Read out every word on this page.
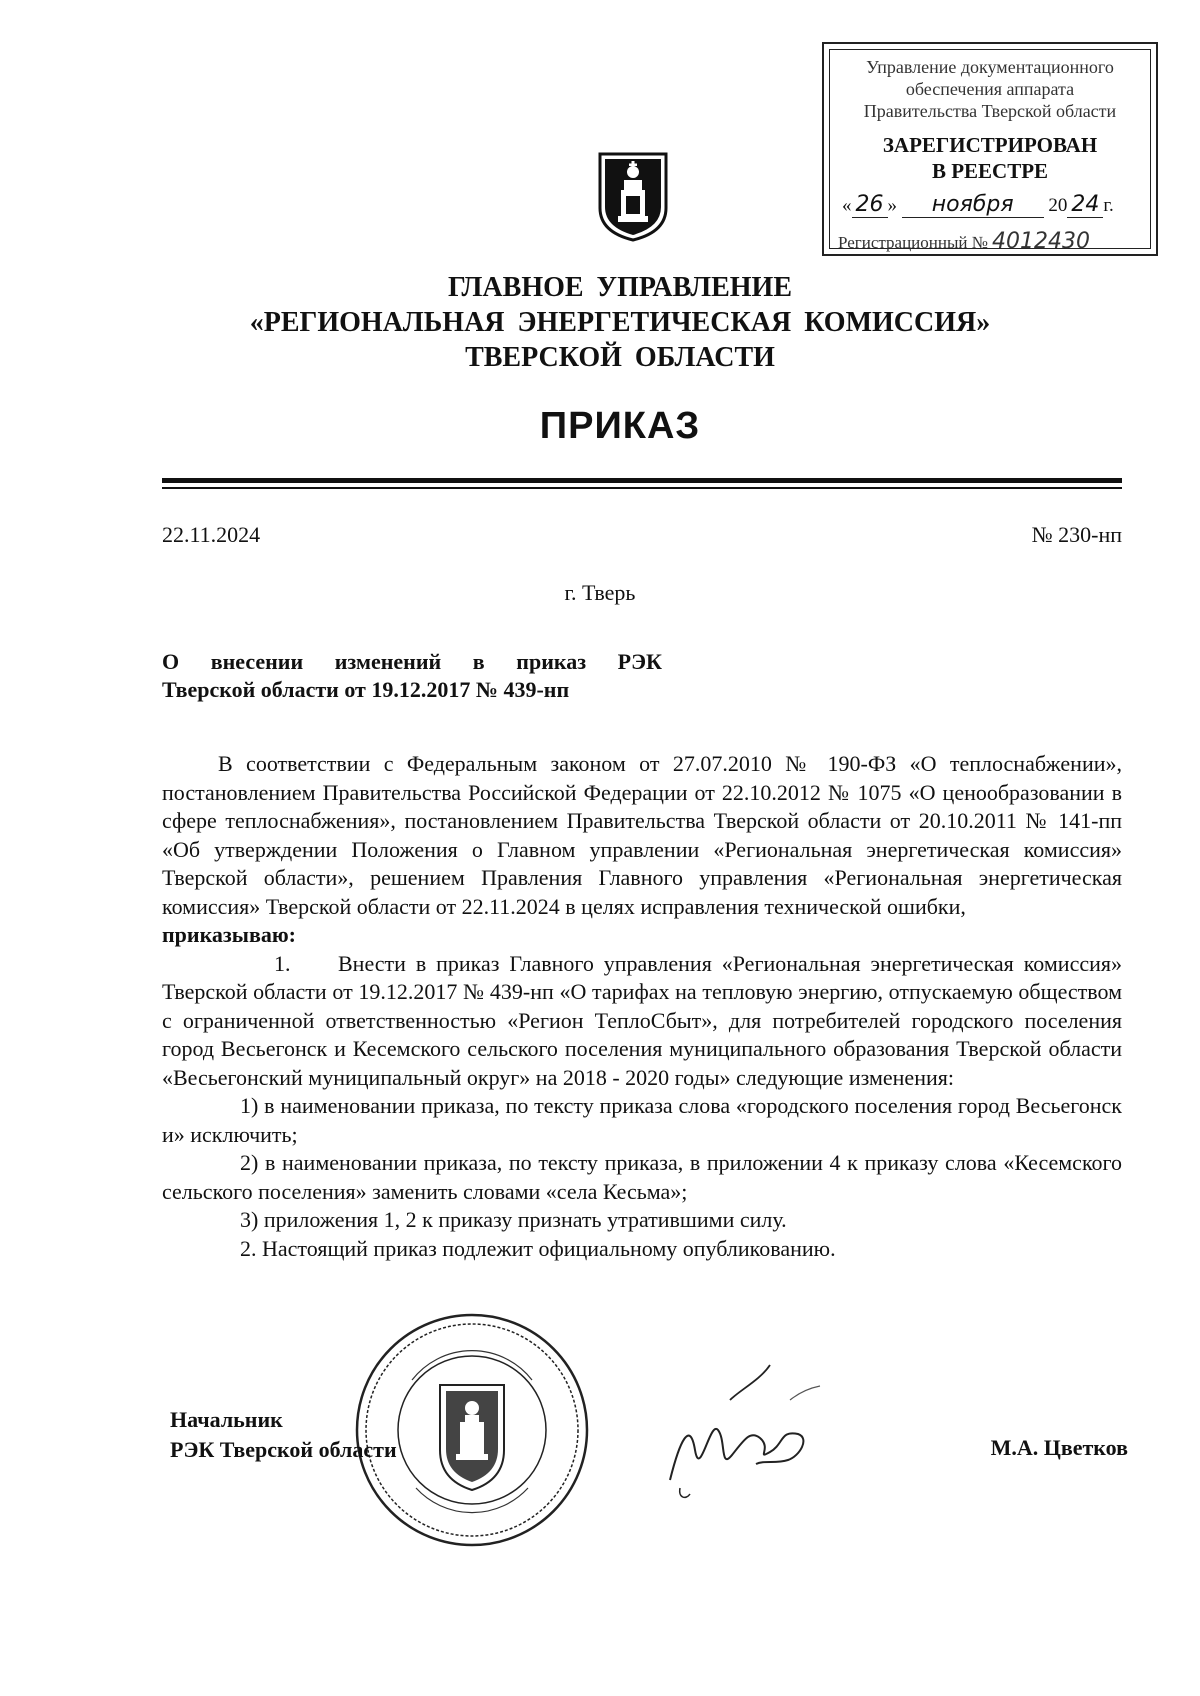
Управление документационного
обеспечения аппарата
Правительства Тверской области
ЗАРЕГИСТРИРОВАН
В РЕЕСТРЕ
« 26 » ноября 20 24 г.
Регистрационный № 4012430
ГЛАВНОЕ УПРАВЛЕНИЕ
«РЕГИОНАЛЬНАЯ ЭНЕРГЕТИЧЕСКАЯ КОМИССИЯ»
ТВЕРСКОЙ ОБЛАСТИ
ПРИКАЗ
22.11.2024	№ 230-нп
г. Тверь
О внесении изменений в приказ РЭК
Тверской области от 19.12.2017 № 439-нп

В соответствии с Федеральным законом от 27.07.2010 № 190-ФЗ «О теплоснабжении», постановлением Правительства Российской Федерации от 22.10.2012 № 1075 «О ценообразовании в сфере теплоснабжения», постановлением Правительства Тверской области от 20.10.2011 № 141-пп «Об утверждении Положения о Главном управлении «Региональная энергетическая комиссия» Тверской области», решением Правления Главного управления «Региональная энергетическая комиссия» Тверской области от 22.11.2024 в целях исправления технической ошибки,

приказываю:

1. Внести в приказ Главного управления «Региональная энергетическая комиссия» Тверской области от 19.12.2017 № 439-нп «О тарифах на тепловую энергию, отпускаемую обществом с ограниченной ответственностью «Регион ТеплоСбыт», для потребителей городского поселения город Весьегонск и Кесемского сельского поселения муниципального образования Тверской области «Весьегонский муниципальный округ» на 2018 - 2020 годы» следующие изменения:

1) в наименовании приказа, по тексту приказа слова «городского поселения город Весьегонск и» исключить;

2) в наименовании приказа, по тексту приказа, в приложении 4 к приказу слова «Кесемского сельского поселения» заменить словами «села Кесьма»;

3) приложения 1, 2 к приказу признать утратившими силу.

2. Настоящий приказ подлежит официальному опубликованию.

Начальник
РЭК Тверской области	М.А. Цветков
